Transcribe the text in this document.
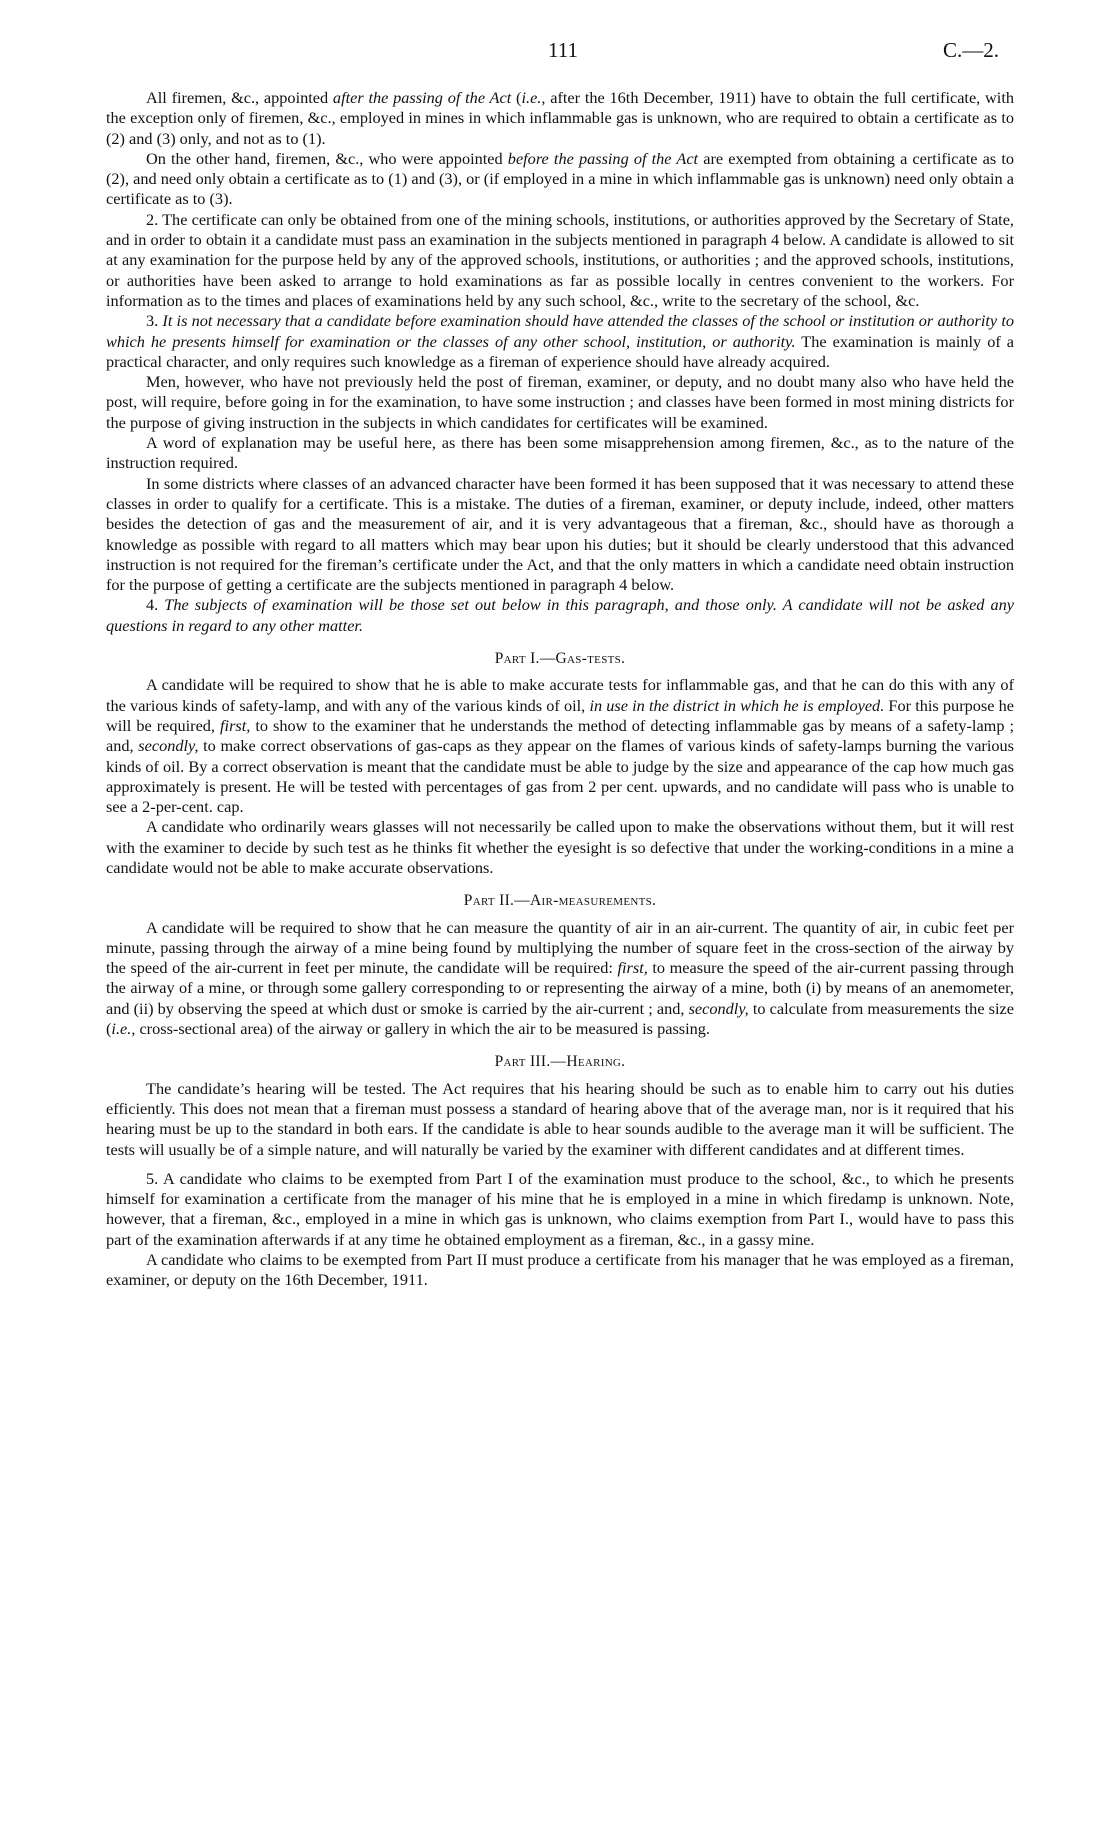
111	C.—2.

All firemen, &c., appointed after the passing of the Act (i.e., after the 16th December, 1911) have to obtain the full certificate, with the exception only of firemen, &c., employed in mines in which inflammable gas is unknown, who are required to obtain a certificate as to (2) and (3) only, and not as to (1).

On the other hand, firemen, &c., who were appointed before the passing of the Act are exempted from obtaining a certificate as to (2), and need only obtain a certificate as to (1) and (3), or (if employed in a mine in which inflammable gas is unknown) need only obtain a certificate as to (3).

2. The certificate can only be obtained from one of the mining schools, institutions, or authorities approved by the Secretary of State, and in order to obtain it a candidate must pass an examination in the subjects mentioned in paragraph 4 below. A candidate is allowed to sit at any examination for the purpose held by any of the approved schools, institutions, or authorities ; and the approved schools, institutions, or authorities have been asked to arrange to hold examinations as far as possible locally in centres convenient to the workers. For information as to the times and places of examinations held by any such school, &c., write to the secretary of the school, &c.

3. It is not necessary that a candidate before examination should have attended the classes of the school or institution or authority to which he presents himself for examination or the classes of any other school, institution, or authority. The examination is mainly of a practical character, and only requires such knowledge as a fireman of experience should have already acquired.

Men, however, who have not previously held the post of fireman, examiner, or deputy, and no doubt many also who have held the post, will require, before going in for the examination, to have some instruction ; and classes have been formed in most mining districts for the purpose of giving instruction in the subjects in which candidates for certificates will be examined.

A word of explanation may be useful here, as there has been some misapprehension among firemen, &c., as to the nature of the instruction required.

In some districts where classes of an advanced character have been formed it has been supposed that it was necessary to attend these classes in order to qualify for a certificate. This is a mistake. The duties of a fireman, examiner, or deputy include, indeed, other matters besides the detection of gas and the measurement of air, and it is very advantageous that a fireman, &c., should have as thorough a knowledge as possible with regard to all matters which may bear upon his duties; but it should be clearly understood that this advanced instruction is not required for the fireman’s certificate under the Act, and that the only matters in which a candidate need obtain instruction for the purpose of getting a certificate are the subjects mentioned in paragraph 4 below.

4. The subjects of examination will be those set out below in this paragraph, and those only. A candidate will not be asked any questions in regard to any other matter.

Part I.—Gas-tests.

A candidate will be required to show that he is able to make accurate tests for inflammable gas, and that he can do this with any of the various kinds of safety-lamp, and with any of the various kinds of oil, in use in the district in which he is employed. For this purpose he will be required, first, to show to the examiner that he understands the method of detecting inflammable gas by means of a safety-lamp ; and, secondly, to make correct observations of gas-caps as they appear on the flames of various kinds of safety-lamps burning the various kinds of oil. By a correct observation is meant that the candidate must be able to judge by the size and appearance of the cap how much gas approximately is present. He will be tested with percentages of gas from 2 per cent. upwards, and no candidate will pass who is unable to see a 2-per-cent. cap.

A candidate who ordinarily wears glasses will not necessarily be called upon to make the observations without them, but it will rest with the examiner to decide by such test as he thinks fit whether the eyesight is so defective that under the working-conditions in a mine a candidate would not be able to make accurate observations.

Part II.—Air-measurements.

A candidate will be required to show that he can measure the quantity of air in an air-current. The quantity of air, in cubic feet per minute, passing through the airway of a mine being found by multiplying the number of square feet in the cross-section of the airway by the speed of the air-current in feet per minute, the candidate will be required: first, to measure the speed of the air-current passing through the airway of a mine, or through some gallery corresponding to or representing the airway of a mine, both (i) by means of an anemometer, and (ii) by observing the speed at which dust or smoke is carried by the air-current ; and, secondly, to calculate from measurements the size (i.e., cross-sectional area) of the airway or gallery in which the air to be measured is passing.

Part III.—Hearing.

The candidate’s hearing will be tested. The Act requires that his hearing should be such as to enable him to carry out his duties efficiently. This does not mean that a fireman must possess a standard of hearing above that of the average man, nor is it required that his hearing must be up to the standard in both ears. If the candidate is able to hear sounds audible to the average man it will be sufficient. The tests will usually be of a simple nature, and will naturally be varied by the examiner with different candidates and at different times.

5. A candidate who claims to be exempted from Part I of the examination must produce to the school, &c., to which he presents himself for examination a certificate from the manager of his mine that he is employed in a mine in which firedamp is unknown. Note, however, that a fireman, &c., employed in a mine in which gas is unknown, who claims exemption from Part I., would have to pass this part of the examination afterwards if at any time he obtained employment as a fireman, &c., in a gassy mine.

A candidate who claims to be exempted from Part II must produce a certificate from his manager that he was employed as a fireman, examiner, or deputy on the 16th December, 1911.
